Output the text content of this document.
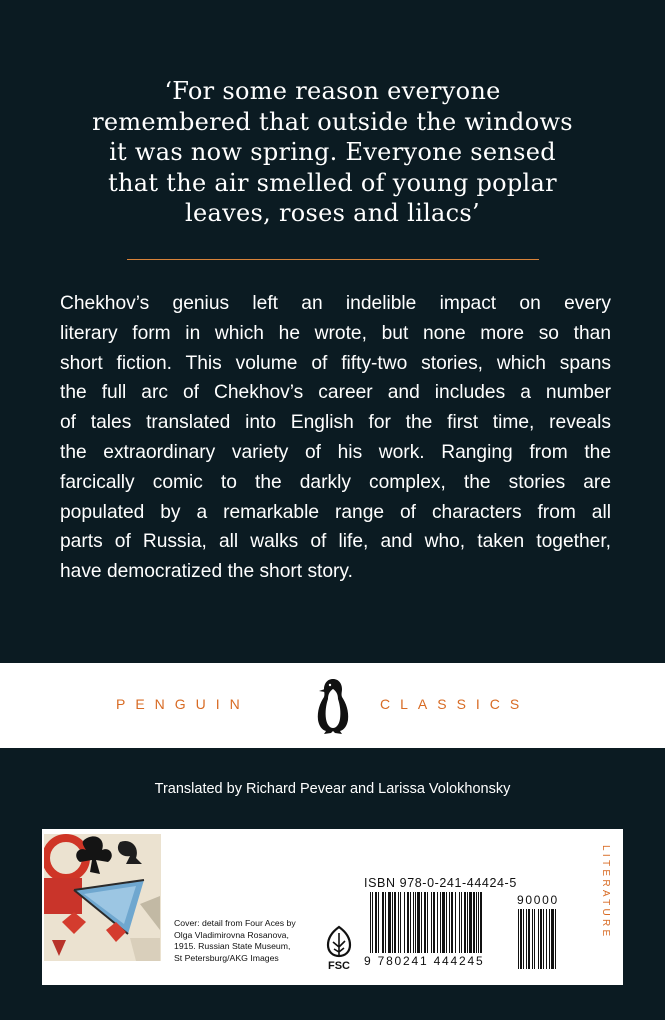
‘For some reason everyone
remembered that outside the windows
it was now spring. Everyone sensed
that the air smelled of young poplar
leaves, roses and lilacs’
Chekhov’s genius left an indelible impact on every
literary form in which he wrote, but none more so than
short fiction. This volume of fifty-two stories, which spans
the full arc of Chekhov’s career and includes a number
of tales translated into English for the first time, reveals
the extraordinary variety of his work. Ranging from the
farcically comic to the darkly complex, the stories are
populated by a remarkable range of characters from all
parts of Russia, all walks of life, and who, taken together,
have democratized the short story.
PENGUIN	CLASSICS
Translated by Richard Pevear and Larissa Volokhonsky
Cover: detail from Four Aces by
Olga Vladimirovna Rosanova,
1915. Russian State Museum,
St Petersburg/AKG Images
FSC
ISBN 978-0-241-44424-5
9 780241 444245
90000	LITERATURE
